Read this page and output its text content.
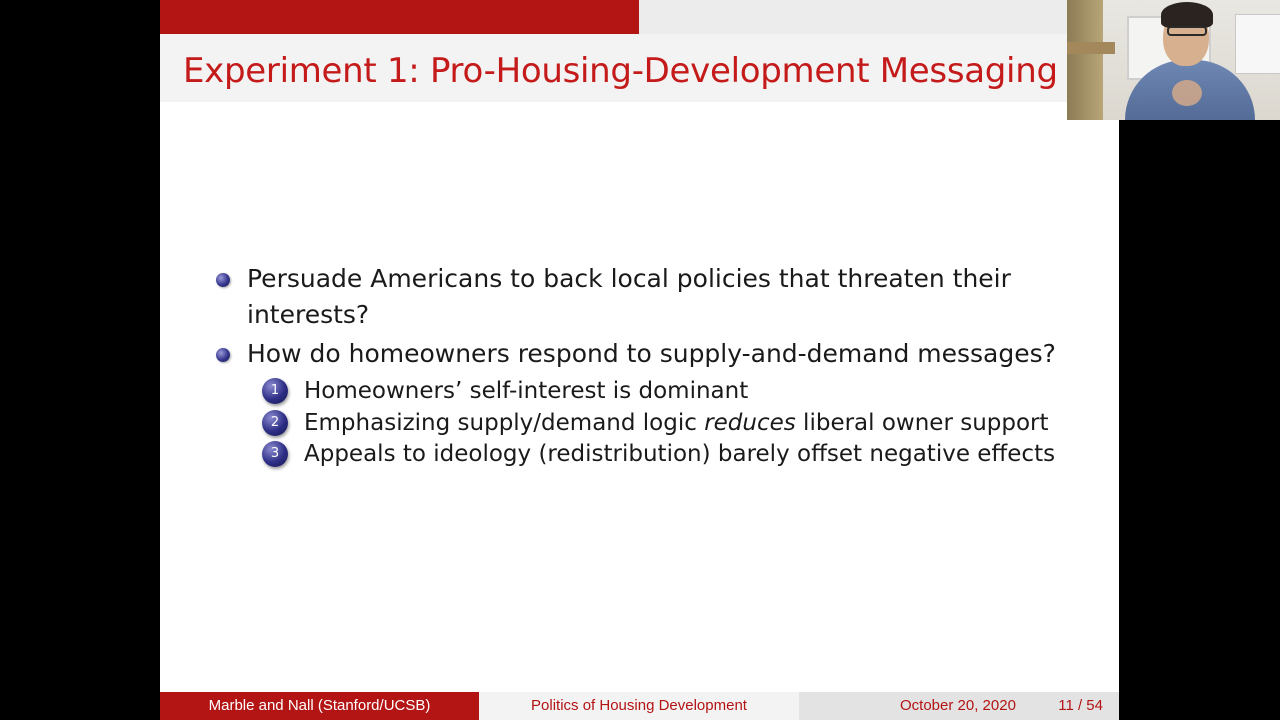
Experiment 1: Pro-Housing-Development Messaging
Persuade Americans to back local policies that threaten their interests?
How do homeowners respond to supply-and-demand messages?
1	Homeowners’ self-interest is dominant
2	Emphasizing supply/demand logic reduces liberal owner support
3	Appeals to ideology (redistribution) barely offset negative effects
Marble and Nall (Stanford/UCSB)	Politics of Housing Development	October 20, 2020	11 / 54
